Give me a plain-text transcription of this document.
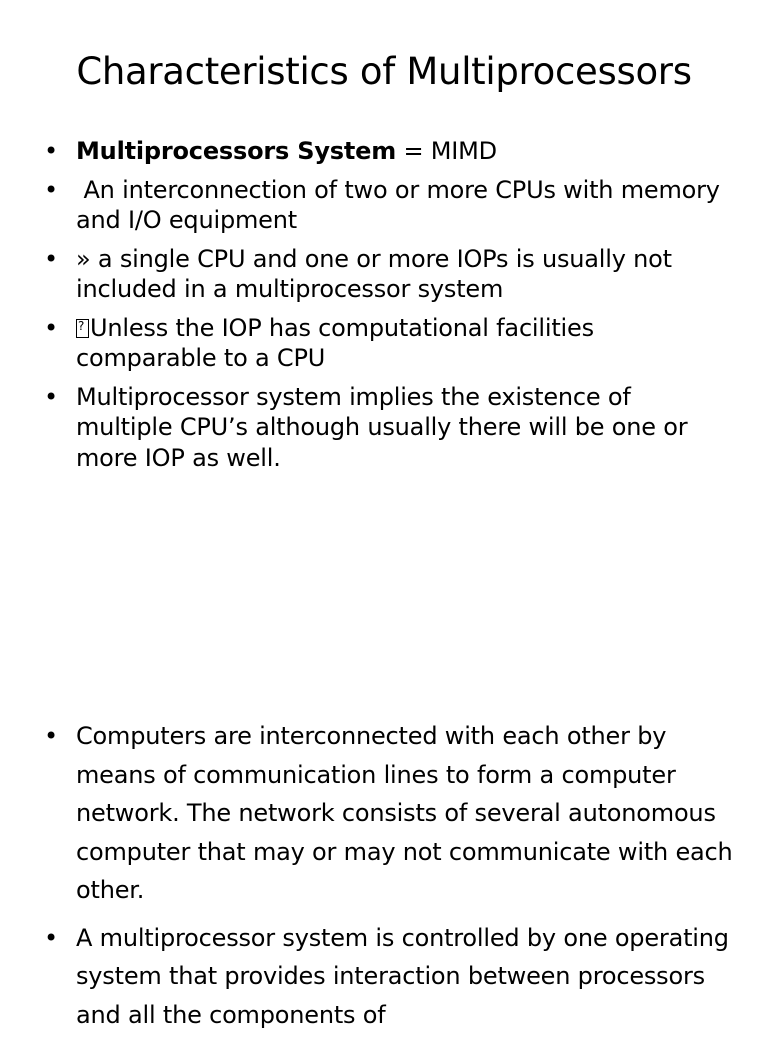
Characteristics of Multiprocessors
• Multiprocessors System = MIMD
• An interconnection of two or more CPUs with memory and I/O equipment
• » a single CPU and one or more IOPs is usually not included in a multiprocessor system
•
? Unless the IOP has computational facilities comparable to a CPU
• Multiprocessor system implies the existence of multiple CPU’s although usually there will be one or more IOP as well.
• Computers are interconnected with each other by means of communication lines to form a computer network. The network consists of several autonomous computer that may or may not communicate with each other.
• A multiprocessor system is controlled by one operating system that provides interaction between processors and all the components of
